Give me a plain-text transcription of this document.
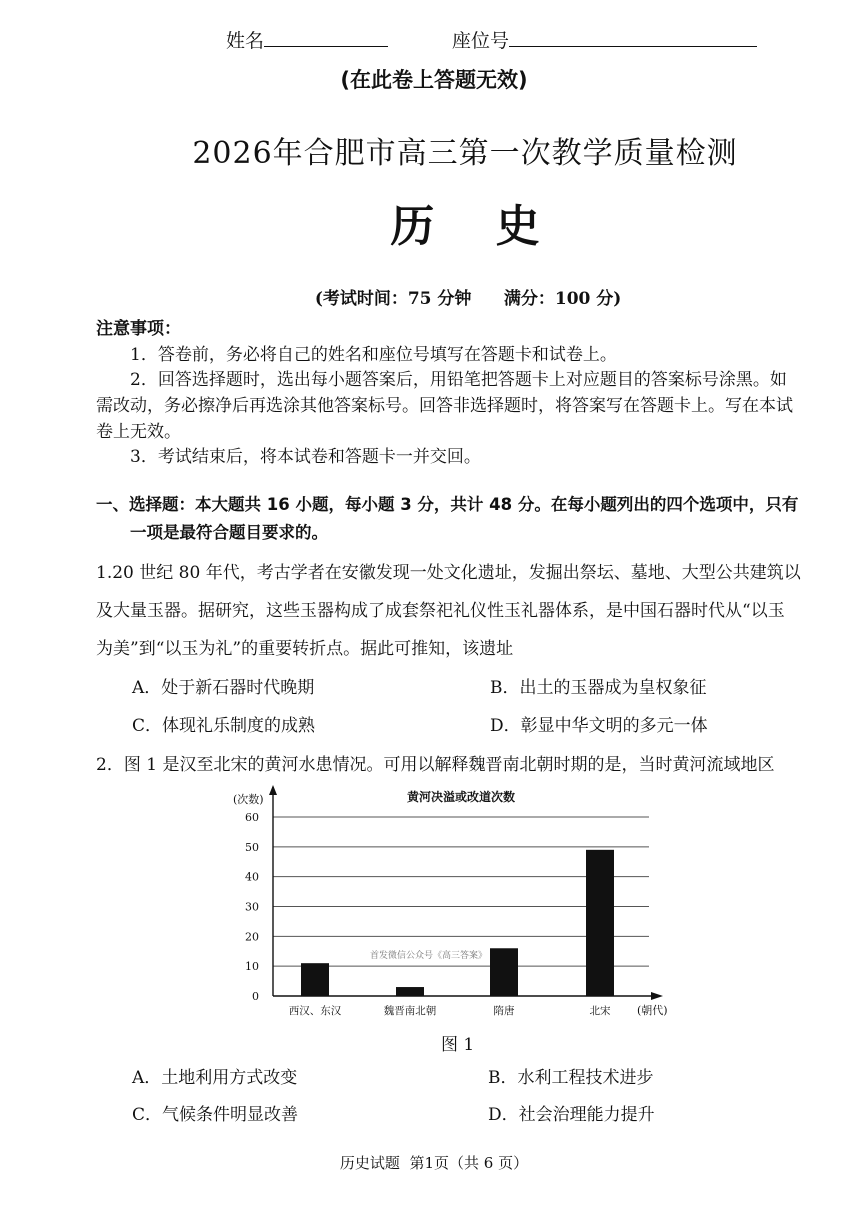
姓名	座位号
(在此卷上答题无效)
2026年合肥市高三第一次教学质量检测
历    史

(考试时间：75 分钟 满分：100 分)

注意事项：
1．答卷前，务必将自己的姓名和座位号填写在答题卡和试卷上。
2．回答选择题时，选出每小题答案后，用铅笔把答题卡上对应题目的答案标号涂黑。如
需改动，务必擦净后再选涂其他答案标号。回答非选择题时，将答案写在答题卡上。写在本试
卷上无效。
3．考试结束后，将本试卷和答题卡一并交回。
一、选择题：本大题共 16 小题，每小题 3 分，共计 48 分。在每小题列出的四个选项中，只有
一项是最符合题目要求的。
1.20 世纪 80 年代，考古学者在安徽发现一处文化遗址，发掘出祭坛、墓地、大型公共建筑以
及大量玉器。据研究，这些玉器构成了成套祭祀礼仪性玉礼器体系，是中国石器时代从“以玉
为美”到“以玉为礼”的重要转折点。据此可推知，该遗址
A．处于新石器时代晚期	B．出土的玉器成为皇权象征
C．体现礼乐制度的成熟	D．彰显中华文明的多元一体
2．图 1 是汉至北宋的黄河水患情况。可用以解释魏晋南北朝时期的是，当时黄河流域地区
0
10
20
30
40
50
60
(次数)
(朝代)
黄河决溢或改道次数
西汉、东汉	魏晋南北朝	隋唐	北宋
首发微信公众号《高三答案》
图 1
A．土地利用方式改变	B．水利工程技术进步
C．气候条件明显改善	D．社会治理能力提升
历史试题  第1页（共 6 页）
